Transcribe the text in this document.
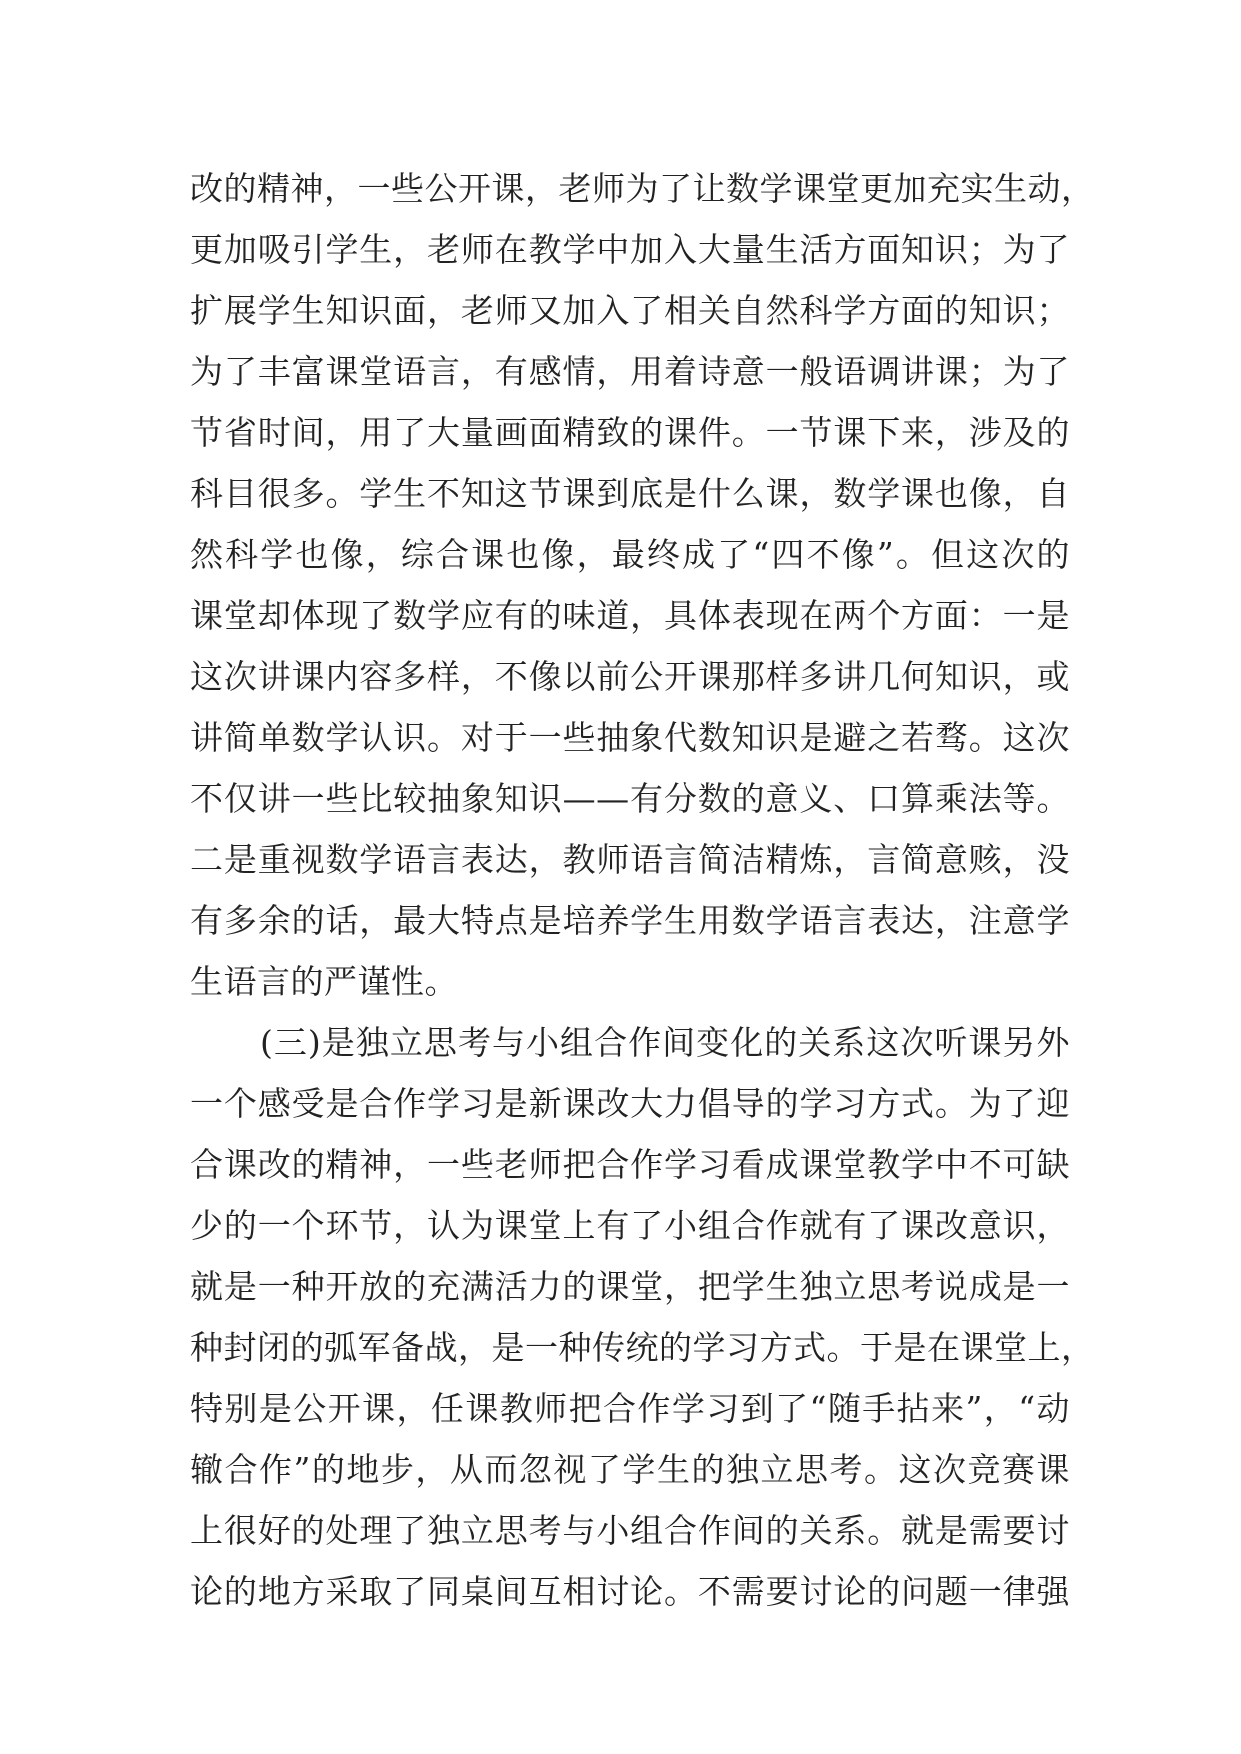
改的精神，一些公开课，老师为了让数学课堂更加充实生动，
更加吸引学生，老师在教学中加入大量生活方面知识；为了
扩展学生知识面，老师又加入了相关自然科学方面的知识；
为了丰富课堂语言，有感情，用着诗意一般语调讲课；为了
节省时间，用了大量画面精致的课件。一节课下来，涉及的
科目很多。学生不知这节课到底是什么课，数学课也像，自
然科学也像，综合课也像，最终成了“四不像”。但这次的
课堂却体现了数学应有的味道，具体表现在两个方面：一是
这次讲课内容多样，不像以前公开课那样多讲几何知识，或
讲简单数学认识。对于一些抽象代数知识是避之若骛。这次
不仅讲一些比较抽象知识——有分数的意义、口算乘法等。
二是重视数学语言表达，教师语言简洁精炼，言简意赅，没
有多余的话，最大特点是培养学生用数学语言表达，注意学
生语言的严谨性。
(三)是独立思考与小组合作间变化的关系这次听课另外
一个感受是合作学习是新课改大力倡导的学习方式。为了迎
合课改的精神，一些老师把合作学习看成课堂教学中不可缺
少的一个环节，认为课堂上有了小组合作就有了课改意识，
就是一种开放的充满活力的课堂，把学生独立思考说成是一
种封闭的弧军备战，是一种传统的学习方式。于是在课堂上，
特别是公开课，任课教师把合作学习到了“随手拈来”，“动
辙合作”的地步，从而忽视了学生的独立思考。这次竞赛课
上很好的处理了独立思考与小组合作间的关系。就是需要讨
论的地方采取了同桌间互相讨论。不需要讨论的问题一律强
